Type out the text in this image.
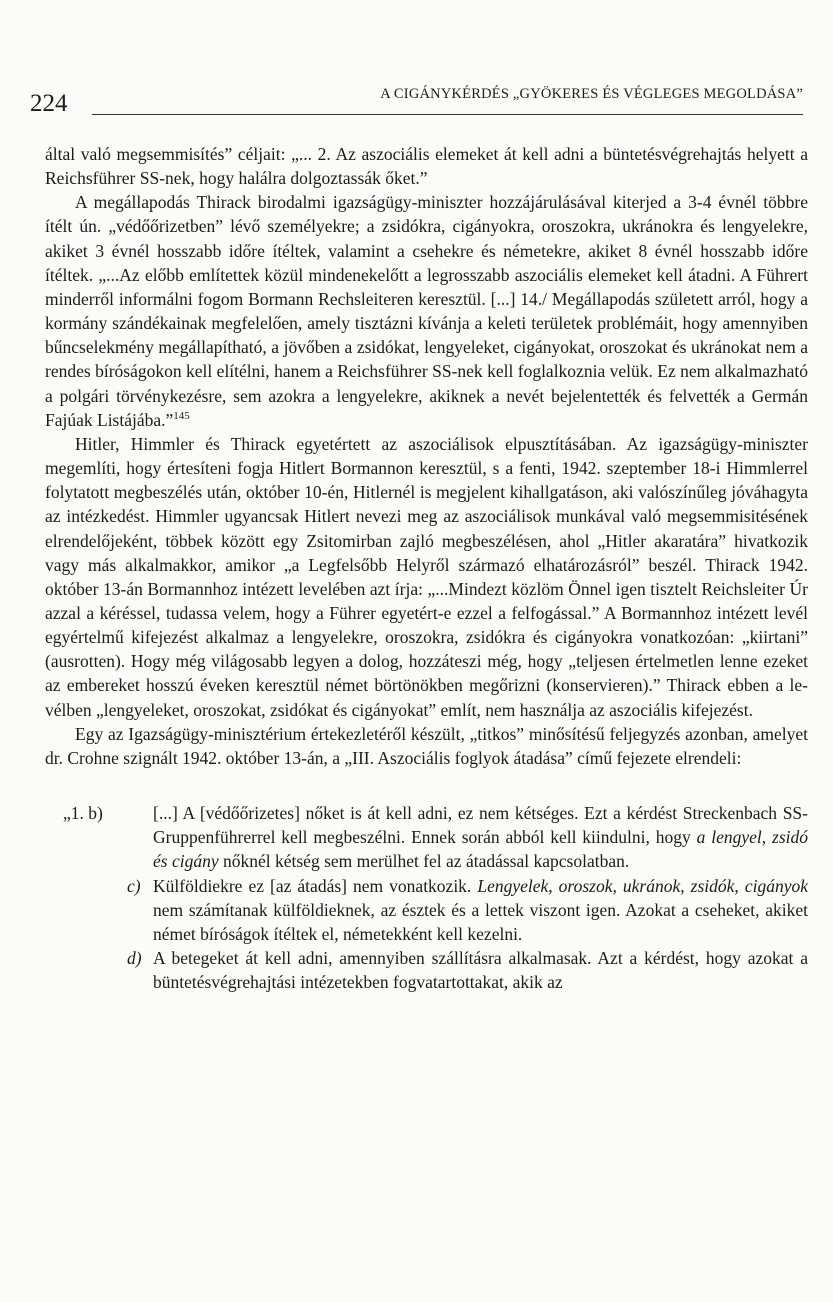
224	A CIGÁNYKÉRDÉS „GYÖKERES ÉS VÉGLEGES MEGOLDÁSA”

által való megsemmisítés” céljait: „... 2. Az aszociális elemeket át kell adni a büntetésvégrehajtás helyett a Reichsführer SS-nek, hogy halálra dolgoztassák őket.”

A megállapodás Thirack birodalmi igazságügy-miniszter hozzájárulásával kiterjed a 3-4 évnél többre ítélt ún. „védőőrizetben” lévő személyekre; a zsidókra, cigányokra, oroszokra, ukránokra és lengyelekre, akiket 3 évnél hosszabb időre ítéltek, valamint a csehekre és németekre, akiket 8 évnél hosszabb időre ítéltek. „...Az előbb említettek közül mindenekelőtt a legrosszabb aszociális elemeket kell átadni. A Führert minderről informálni fogom Bormann Rechsleiteren keresztül. [...] 14./ Megállapodás született arról, hogy a kormány szándékainak megfelelően, amely tisztázni kívánja a keleti területek problémáit, hogy amennyiben bűncselekmény megállapítható, a jövőben a zsidókat, lengyeleket, cigányokat, oroszokat és ukránokat nem a rendes bíróságokon kell elítélni, hanem a Reichsführer SS-nek kell foglalkoznia velük. Ez nem alkalmazható a polgári törvénykezésre, sem azokra a lengyelekre, akiknek a nevét bejelentették és felvették a Germán Fajúak Listájába.”$^{145}$

Hitler, Himmler és Thirack egyetértett az aszociálisok elpusztításában. Az igazságügy-miniszter megemlíti, hogy értesíteni fogja Hitlert Bormannon keresztül, s a fenti, 1942. szeptember 18-i Himmlerrel folytatott megbeszélés után, október 10-én, Hitlernél is megjelent kihallgatáson, aki valószínűleg jóváhagyta az intézkedést. Himmler ugyancsak Hitlert nevezi meg az aszociálisok munkával való megsemmisitésének elrendelőjeként, többek között egy Zsitomirban zajló megbeszélésen, ahol „Hitler akaratára” hivatkozik vagy más alkalmakkor, amikor „a Legfelsőbb Helyről származó elhatározásról” beszél. Thirack 1942. október 13-án Bormannhoz intézett levelében azt írja: „...Mindezt közlöm Önnel igen tisztelt Reichsleiter Úr azzal a kéréssel, tudassa velem, hogy a Führer egyetért-e ezzel a felfogással.” A Bormannhoz intézett levél egyértelmű kifejezést alkalmaz a lengyelekre, oroszokra, zsidókra és cigányokra vonatkozóan: „kiirtani” (ausrotten). Hogy még világosabb legyen a dolog, hozzáteszi még, hogy „teljesen értelmetlen lenne ezeket az embereket hosszú éveken keresztül német börtönökben megőrizni (konservieren).” Thirack ebben a levélben „lengyeleket, oroszokat, zsidókat és cigányokat” említ, nem használja az aszociális kifejezést.

Egy az Igazságügy-minisztérium értekezletéről készült, „titkos” minősítésű feljegyzés azonban, amelyet dr. Crohne szignált 1942. október 13-án, a „III. Aszociális foglyok átadása” című fejezete elrendeli:

„1. b)	[...] A [védőőrizetes] nőket is át kell adni, ez nem kétséges. Ezt a kérdést Streckenbach SS-Gruppenführerrel kell megbeszélni. Ennek során abból kell kiindulni, hogy a lengyel, zsidó és cigány nőknél kétség sem merülhet fel az átadással kapcsolatban.

c) Külföldiekre ez [az átadás] nem vonatkozik. Lengyelek, oroszok, ukránok, zsidók, cigányok nem számítanak külföldieknek, az észtek és a lettek viszont igen. Azokat a cseheket, akiket német bíróságok ítéltek el, németekként kell kezelni.

d) A betegeket át kell adni, amennyiben szállításra alkalmasak. Azt a kérdést, hogy azokat a büntetésvégrehajtási intézetekben fogvatartottakat, akik az
